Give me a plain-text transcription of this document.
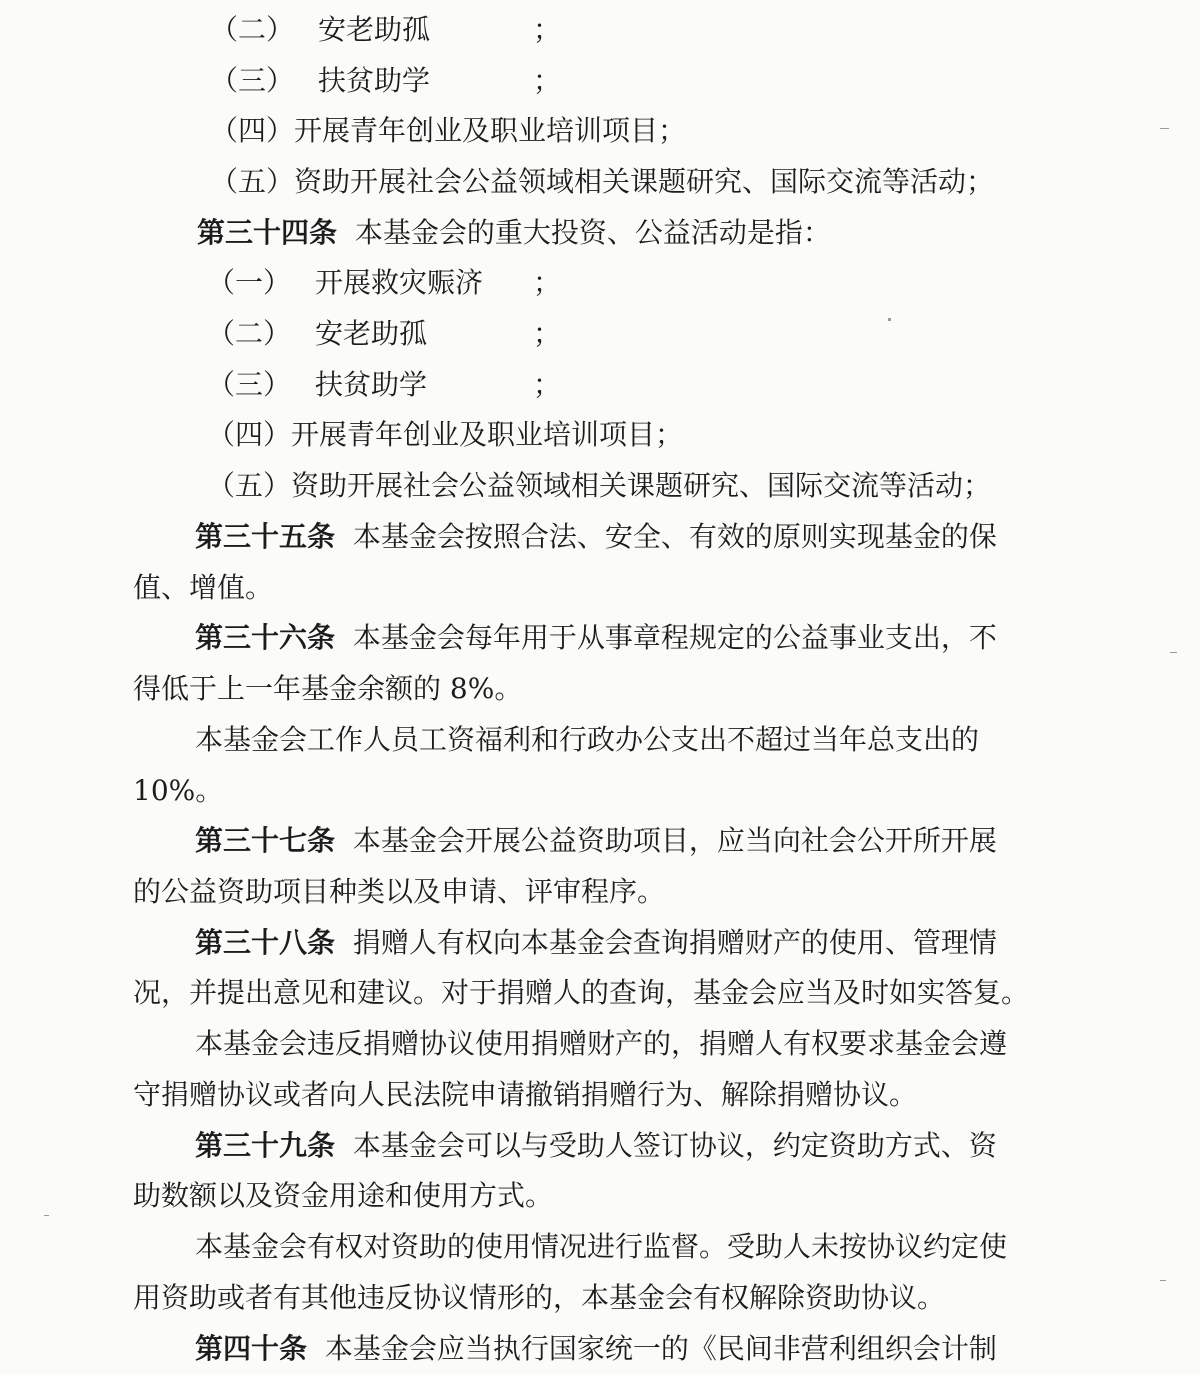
（二） 安老助孤	；
（三） 扶贫助学	；
（四）开展青年创业及职业培训项目；
（五）资助开展社会公益领域相关课题研究、国际交流等活动；
第三十四条 本基金会的重大投资、公益活动是指：
（一） 开展救灾赈济 ；
（二） 安老助孤	；
（三） 扶贫助学	；
（四）开展青年创业及职业培训项目；
（五）资助开展社会公益领域相关课题研究、国际交流等活动；
第三十五条 本基金会按照合法、安全、有效的原则实现基金的保
值、增值。
第三十六条 本基金会每年用于从事章程规定的公益事业支出，不
得低于上一年基金余额的 8%。
本基金会工作人员工资福利和行政办公支出不超过当年总支出的
10%。
第三十七条 本基金会开展公益资助项目，应当向社会公开所开展
的公益资助项目种类以及申请、评审程序。
第三十八条 捐赠人有权向本基金会查询捐赠财产的使用、管理情
况，并提出意见和建议。对于捐赠人的查询，基金会应当及时如实答复。
本基金会违反捐赠协议使用捐赠财产的，捐赠人有权要求基金会遵
守捐赠协议或者向人民法院申请撤销捐赠行为、解除捐赠协议。
第三十九条 本基金会可以与受助人签订协议，约定资助方式、资
助数额以及资金用途和使用方式。
本基金会有权对资助的使用情况进行监督。受助人未按协议约定使
用资助或者有其他违反协议情形的，本基金会有权解除资助协议。
第四十条 本基金会应当执行国家统一的《民间非营利组织会计制
